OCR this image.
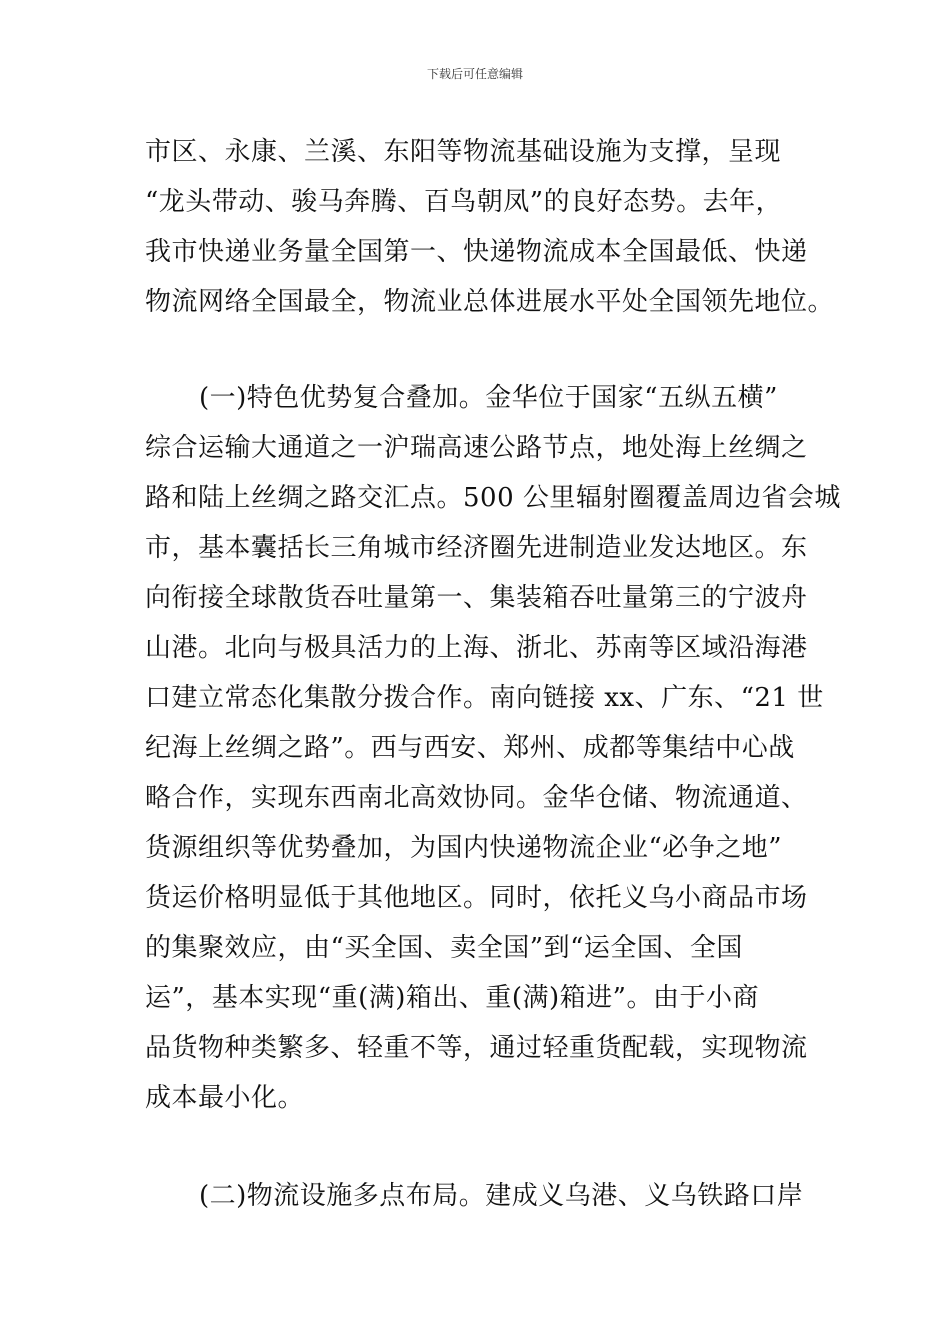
下载后可任意编辑
市区、永康、兰溪、东阳等物流基础设施为支撑，呈现
“龙头带动、骏马奔腾、百鸟朝凤”的良好态势。去年，
我市快递业务量全国第一、快递物流成本全国最低、快递
物流网络全国最全，物流业总体进展水平处全国领先地位。
(一)特色优势复合叠加。金华位于国家“五纵五横”
综合运输大通道之一沪瑞高速公路节点，地处海上丝绸之
路和陆上丝绸之路交汇点。500 公里辐射圈覆盖周边省会城
市，基本囊括长三角城市经济圈先进制造业发达地区。东
向衔接全球散货吞吐量第一、集装箱吞吐量第三的宁波舟
山港。北向与极具活力的上海、浙北、苏南等区域沿海港
口建立常态化集散分拨合作。南向链接 xx、广东、“21 世
纪海上丝绸之路”。西与西安、郑州、成都等集结中心战
略合作，实现东西南北高效协同。金华仓储、物流通道、
货源组织等优势叠加，为国内快递物流企业“必争之地”
货运价格明显低于其他地区。同时，依托义乌小商品市场
的集聚效应，由“买全国、卖全国”到“运全国、全国
运”，基本实现“重(满)箱出、重(满)箱进”。由于小商
品货物种类繁多、轻重不等，通过轻重货配载，实现物流
成本最小化。
(二)物流设施多点布局。建成义乌港、义乌铁路口岸
